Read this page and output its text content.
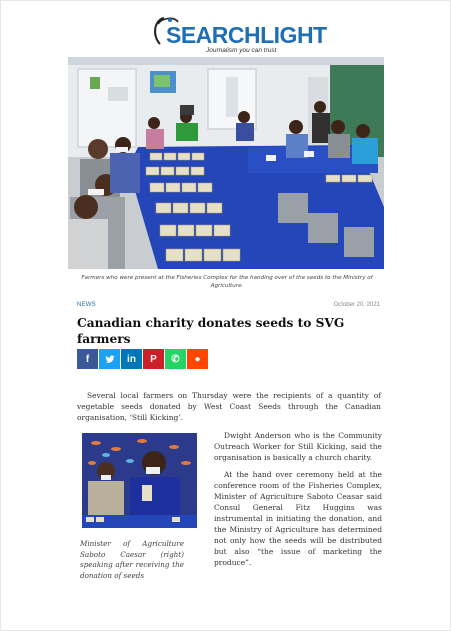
SEARCHLIGHT
Journalism you can trust
Farmers who were present at the Fisheries Complex for the handing over of the seeds to the Ministry of Agriculture.
NEWS	October 20, 2021
Canadian charity donates seeds to SVG farmers
f	in P ✆ ●

Several local farmers on Thursday were the recipients of a quantity of vegetable seeds donated by West Coast Seeds through the Canadian organisation, ‘Still Kicking’.

Minister of Agriculture Saboto Caesar (right) speaking after receiving the donation of seeds

Dwight Anderson who is the Community Outreach Worker for Still Kicking, said the organisation is basically a church charity.

At the hand over ceremony held at the conference room of the Fisheries Complex, Minister of Agriculture Saboto Ceasar said Consul General Fitz Huggins was instrumental in initiating the donation, and the Ministry of Agriculture has determined not only how the seeds will be distributed but also “the issue of marketing the produce”.
